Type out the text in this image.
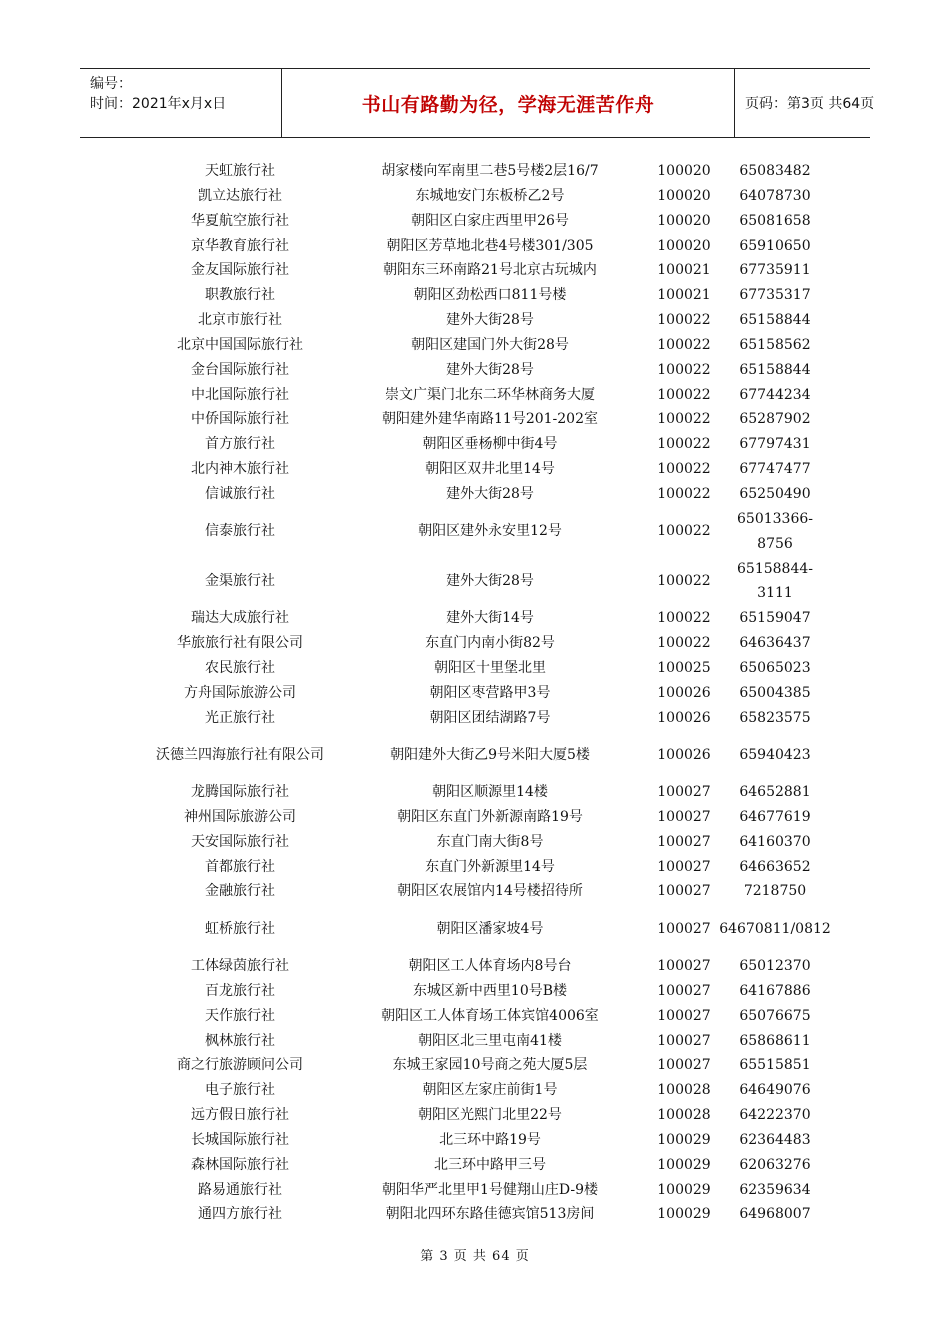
编号：
时间：2021年x月x日	书山有路勤为径，学海无涯苦作舟	页码：第3页 共64页
天虹旅行社	胡家楼向军南里二巷5号楼2层16/7	100020	65083482
凯立达旅行社	东城地安门东板桥乙2号	100020	64078730
华夏航空旅行社	朝阳区白家庄西里甲26号	100020	65081658
京华教育旅行社	朝阳区芳草地北巷4号楼301/305	100020	65910650
金友国际旅行社	朝阳东三环南路21号北京古玩城内	100021	67735911
职教旅行社	朝阳区劲松西口811号楼	100021	67735317
北京市旅行社	建外大街28号	100022	65158844
北京中国国际旅行社	朝阳区建国门外大街28号	100022	65158562
金台国际旅行社	建外大街28号	100022	65158844
中北国际旅行社	崇文广渠门北东二环华林商务大厦	100022	67744234
中侨国际旅行社	朝阳建外建华南路11号201-202室	100022	65287902
首方旅行社	朝阳区垂杨柳中街4号	100022	67797431
北内神木旅行社	朝阳区双井北里14号	100022	67747477
信诚旅行社	建外大街28号	100022	65250490
信泰旅行社	朝阳区建外永安里12号	100022
65013366-8756
金渠旅行社	建外大街28号	100022
65158844-3111
瑞达大成旅行社	建外大街14号	100022	65159047
华旅旅行社有限公司	东直门内南小街82号	100022	64636437
农民旅行社	朝阳区十里堡北里	100025	65065023
方舟国际旅游公司	朝阳区枣营路甲3号	100026	65004385
光正旅行社	朝阳区团结湖路7号	100026	65823575
沃德兰四海旅行社有限公司	朝阳建外大街乙9号米阳大厦5楼	100026	65940423
龙腾国际旅行社	朝阳区顺源里14楼	100027	64652881
神州国际旅游公司	朝阳区东直门外新源南路19号	100027	64677619
天安国际旅行社	东直门南大街8号	100027	64160370
首都旅行社	东直门外新源里14号	100027	64663652
金融旅行社	朝阳区农展馆内14号楼招待所	100027	7218750
虹桥旅行社	朝阳区潘家坡4号	100027 64670811/0812
工体绿茵旅行社	朝阳区工人体育场内8号台	100027	65012370
百龙旅行社	东城区新中西里10号B楼	100027	64167886
天作旅行社	朝阳区工人体育场工体宾馆4006室	100027	65076675
枫林旅行社	朝阳区北三里屯南41楼	100027	65868611
商之行旅游顾问公司	东城王家园10号商之苑大厦5层	100027	65515851
电子旅行社	朝阳区左家庄前街1号	100028	64649076
远方假日旅行社	朝阳区光熙门北里22号	100028	64222370
长城国际旅行社	北三环中路19号	100029	62364483
森林国际旅行社	北三环中路甲三号	100029	62063276
路易通旅行社	朝阳华严北里甲1号健翔山庄D-9楼	100029	62359634
通四方旅行社	朝阳北四环东路佳德宾馆513房间	100029	64968007
第 3 页 共 64 页
